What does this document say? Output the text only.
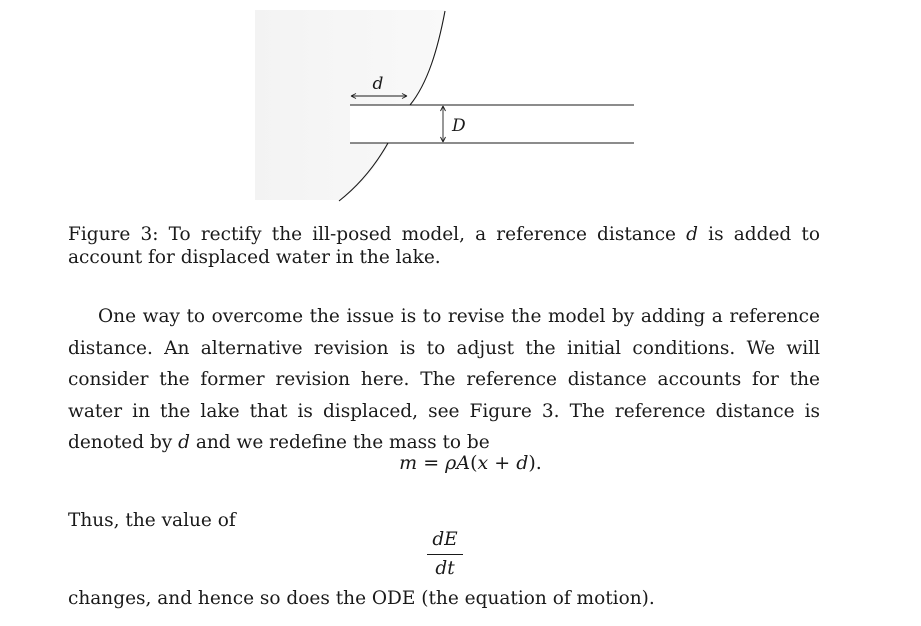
d
D
Figure 3: To rectify the ill-posed model, a reference distance d is added to account for displaced water in the lake.

One way to overcome the issue is to revise the model by adding a reference distance. An alternative revision is to adjust the initial conditions. We will consider the former revision here. The reference distance accounts for the water in the lake that is displaced, see Figure 3. The reference distance is denoted by d and we redefine the mass to be

m = ρA(x + d).
Thus, the value of
dE
dt
changes, and hence so does the ODE (the equation of motion).
